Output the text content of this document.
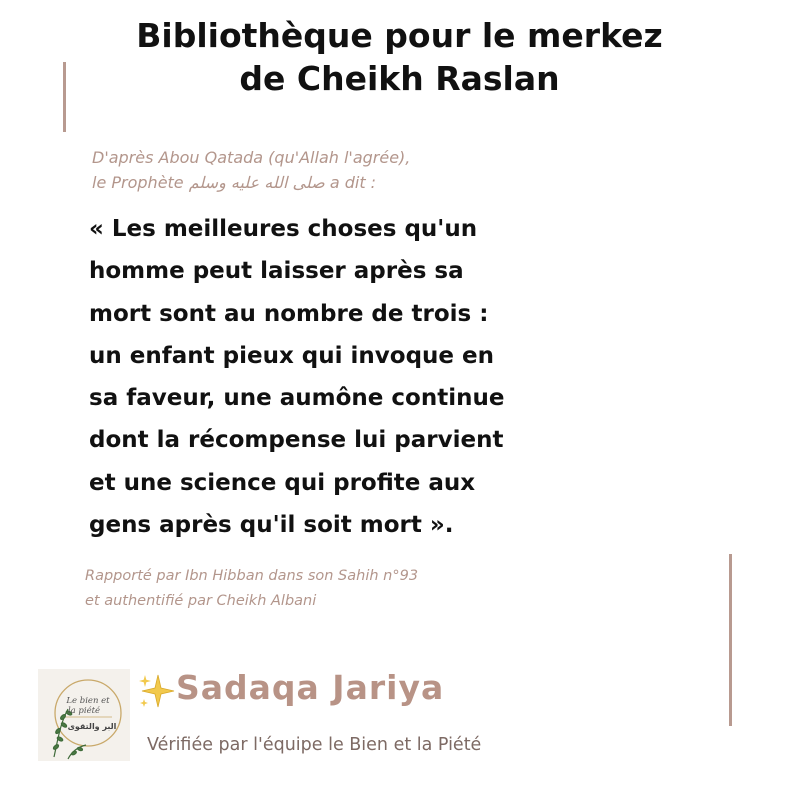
Bibliothèque pour le merkez
de Cheikh Raslan
D'après Abou Qatada (qu'Allah l'agrée),
le Prophète صلى الله عليه وسلم a dit :
« Les meilleures choses qu'un
homme peut laisser après sa
mort sont au nombre de trois :
un enfant pieux qui invoque en
sa faveur, une aumône continue
dont la récompense lui parvient
et une science qui profite aux
gens après qu'il soit mort ».
Rapporté par Ibn Hibban dans son Sahih n°93
et authentifié par Cheikh Albani
Le bien et
la piété
البر والتقوى
Sadaqa Jariya
Vérifiée par l'équipe le Bien et la Piété
